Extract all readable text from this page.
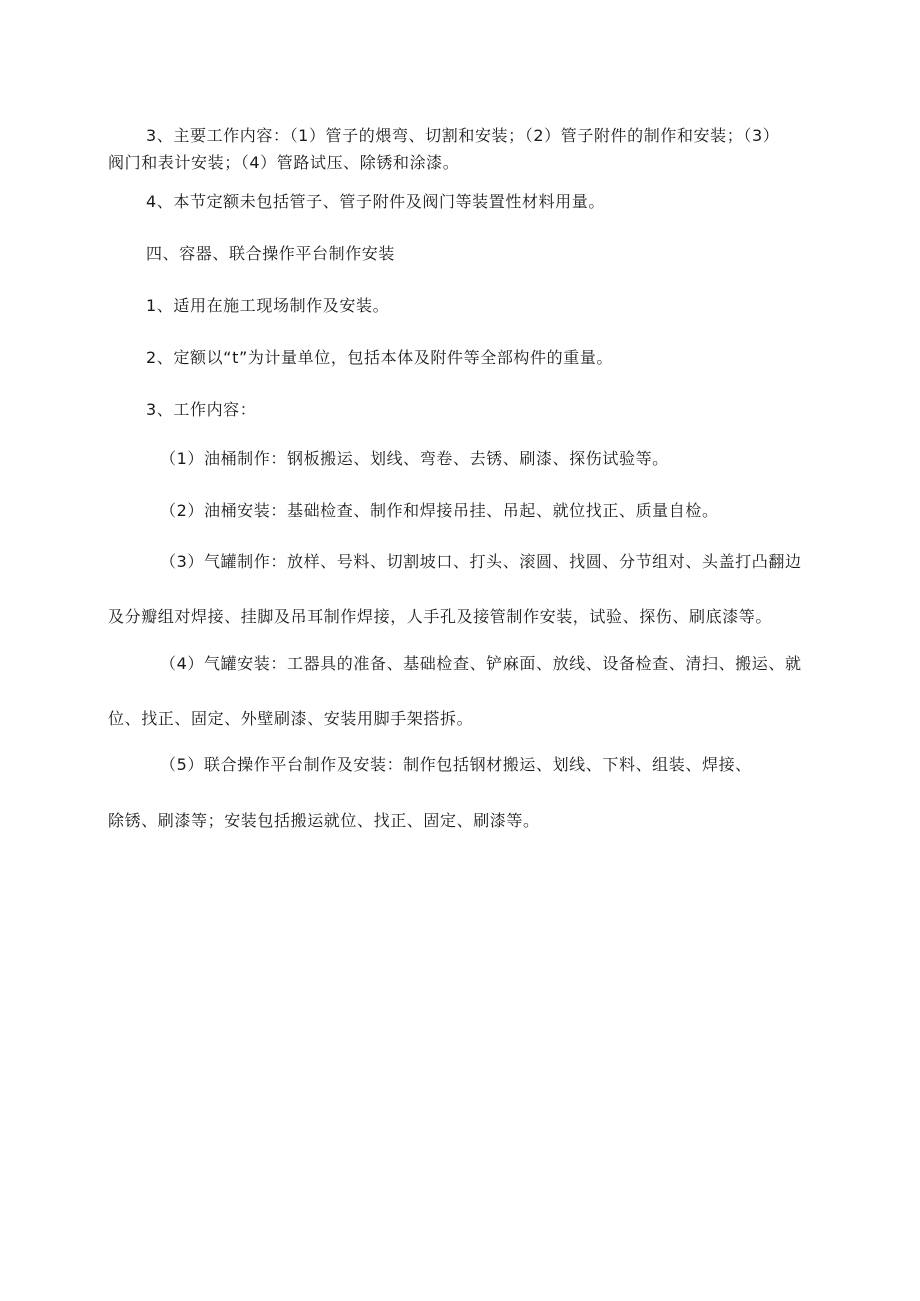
3、主要工作内容：（1）管子的煨弯、切割和安装；（2）管子附件的制作和安装；（3）
阀门和表计安装；（4）管路试压、除锈和涂漆。
4、本节定额未包括管子、管子附件及阀门等装置性材料用量。
四、容器、联合操作平台制作安装
1、适用在施工现场制作及安装。
2、定额以“t”为计量单位，包括本体及附件等全部构件的重量。
3、工作内容：
（1）油桶制作：钢板搬运、划线、弯卷、去锈、刷漆、探伤试验等。
（2）油桶安装：基础检查、制作和焊接吊挂、吊起、就位找正、质量自检。
（3）气罐制作：放样、号料、切割坡口、打头、滚圆、找圆、分节组对、头盖打凸翻边
及分瓣组对焊接、挂脚及吊耳制作焊接，人手孔及接管制作安装，试验、探伤、刷底漆等。
（4）气罐安装：工器具的准备、基础检查、铲麻面、放线、设备检查、清扫、搬运、就
位、找正、固定、外壁刷漆、安装用脚手架搭拆。
（5）联合操作平台制作及安装：制作包括钢材搬运、划线、下料、组装、焊接、
除锈、刷漆等；安装包括搬运就位、找正、固定、刷漆等。
